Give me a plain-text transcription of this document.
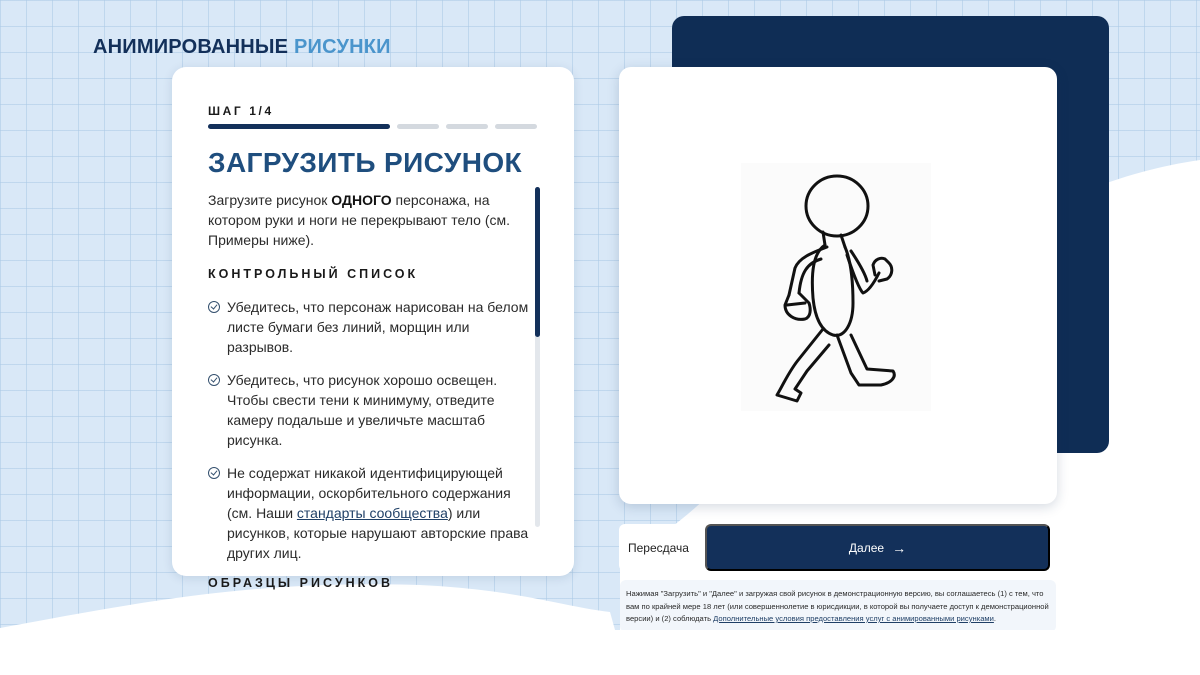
АНИМИРОВАННЫЕ РИСУНКИ
ШАГ 1/4
ЗАГРУЗИТЬ РИСУНОК

Загрузите рисунок ОДНОГО персонажа, на котором руки и ноги не перекрывают тело (см. Примеры ниже).

КОНТРОЛЬНЫЙ СПИСОК
Убедитесь, что персонаж нарисован на белом листе бумаги без линий, морщин или разрывов.
Убедитесь, что рисунок хорошо освещен. Чтобы свести тени к минимуму, отведите камеру подальше и увеличьте масштаб рисунка.
Не содержат никакой идентифицирующей информации, оскорбительного содержания (см. Наши стандарты сообщества) или рисунков, которые нарушают авторские права других лиц.
ОБРАЗЦЫ РИСУНКОВ
Пересдача	Далее →
Нажимая "Загрузить" и "Далее" и загружая свой рисунок в демонстрационную версию, вы соглашаетесь (1) с тем, что вам по крайней мере 18 лет (или совершеннолетие в юрисдикции, в которой вы получаете доступ к демонстрационной версии) и (2) соблюдать Дополнительные условия предоставления услуг с анимированными рисунками.
